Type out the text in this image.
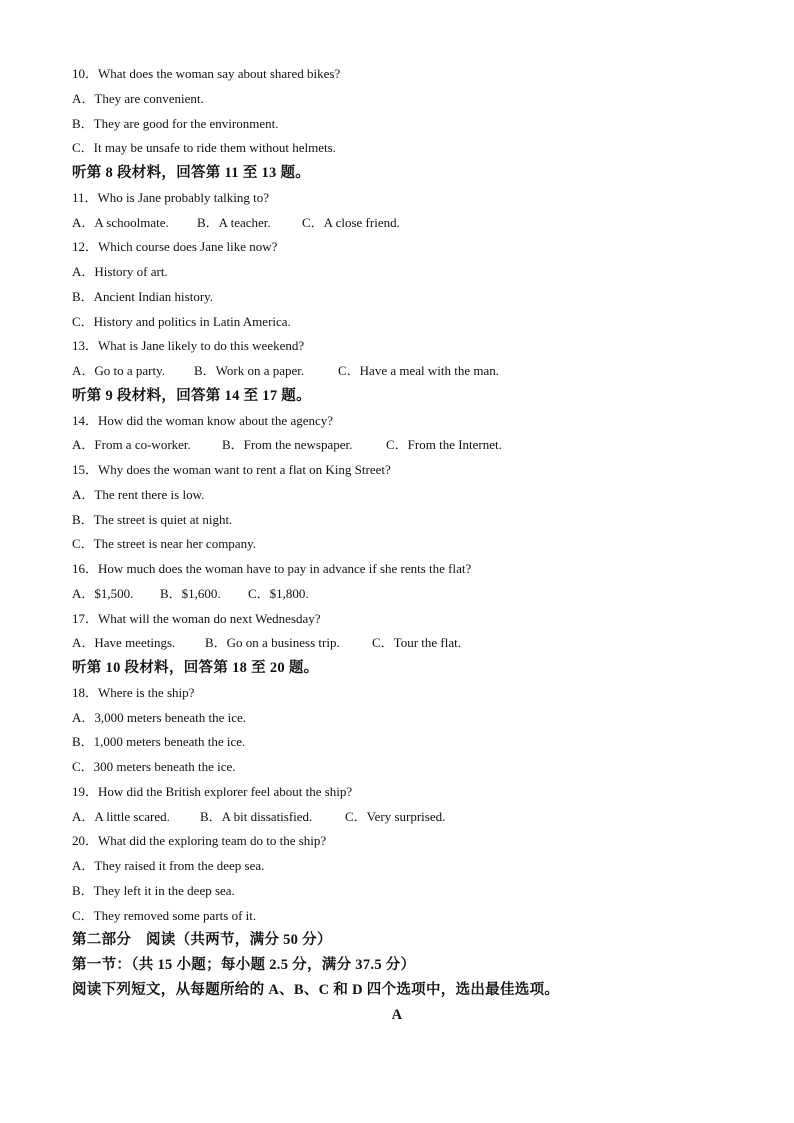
10．What does the woman say about shared bikes?
A．They are convenient.
B．They are good for the environment.
C．It may be unsafe to ride them without helmets.
听第 8 段材料，回答第 11 至 13 题。
11．Who is Jane probably talking to?
A．A schoolmate. B．A teacher. C．A close friend.
12．Which course does Jane like now?
A．History of art.
B．Ancient Indian history.
C．History and politics in Latin America.
13．What is Jane likely to do this weekend?
A．Go to a party. B．Work on a paper.	C．Have a meal with the man.
听第 9 段材料，回答第 14 至 17 题。
14．How did the woman know about the agency?
A．From a co-worker. B．From the newspaper.	C．From the Internet.
15．Why does the woman want to rent a flat on King Street?
A．The rent there is low.
B．The street is quiet at night.
C．The street is near her company.
16．How much does the woman have to pay in advance if she rents the flat?
A．$1,500. B．$1,600. C．$1,800.
17．What will the woman do next Wednesday?
A．Have meetings. B．Go on a business trip. C．Tour the flat.
听第 10 段材料，回答第 18 至 20 题。
18．Where is the ship?
A．3,000 meters beneath the ice.
B．1,000 meters beneath the ice.
C．300 meters beneath the ice.
19．How did the British explorer feel about the ship?
A．A little scared. B．A bit dissatisfied.	C．Very surprised.
20．What did the exploring team do to the ship?
A．They raised it from the deep sea.
B．They left it in the deep sea.
C．They removed some parts of it.
第二部分　阅读（共两节，满分 50 分）
第一节：（共 15 小题；每小题 2.5 分，满分 37.5 分）
阅读下列短文，从每题所给的 A、B、C 和 D 四个选项中，选出最佳选项。
A
